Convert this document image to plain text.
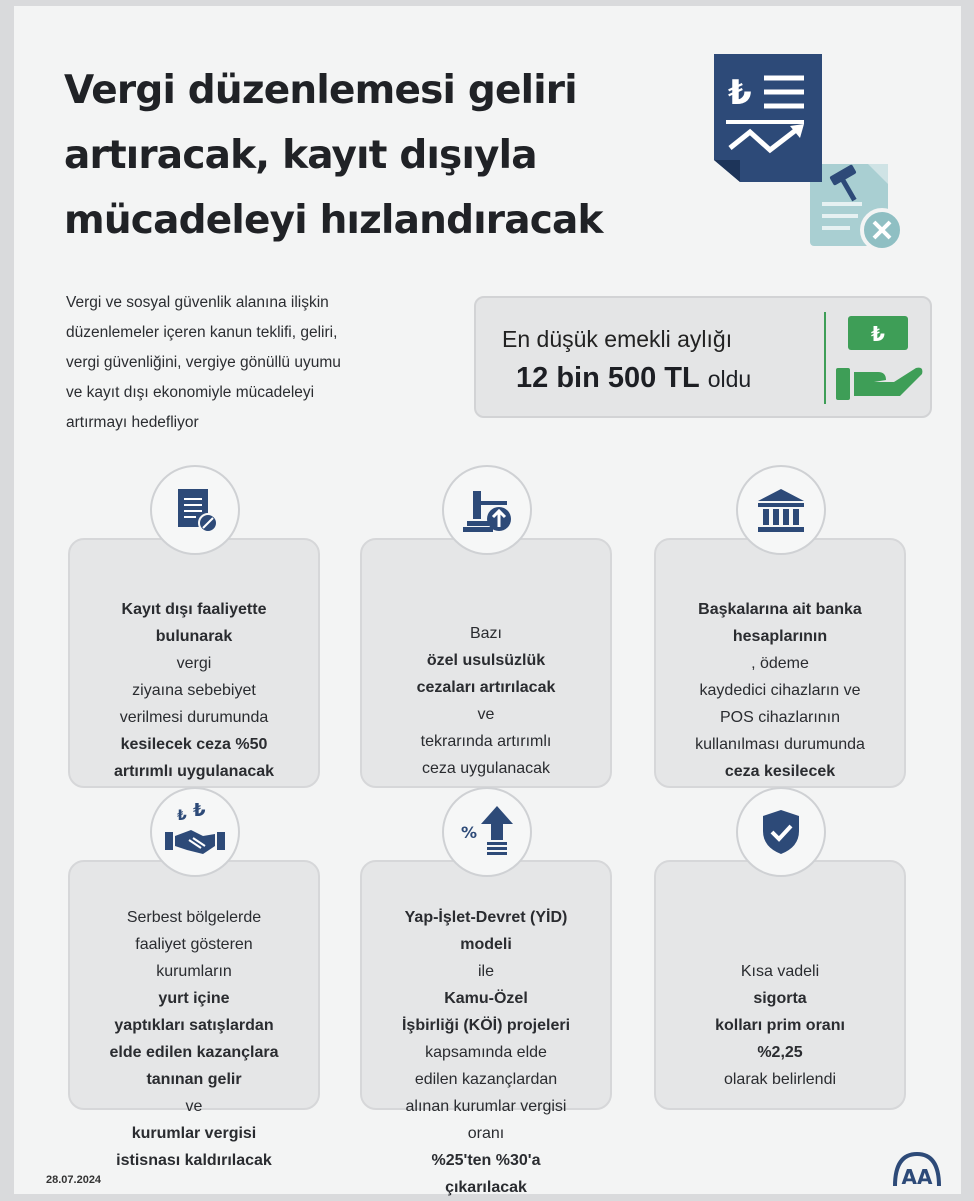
Vergi düzenlemesi geliri
artıracak, kayıt dışıyla
mücadeleyi hızlandıracak
₺
Vergi ve sosyal güvenlik alanına ilişkin
düzenlemeler içeren kanun teklifi, geliri,
vergi güvenliğini, vergiye gönüllü uyumu
ve kayıt dışı ekonomiyle mücadeleyi
artırmayı hedefliyor
En düşük emekli aylığı
12 bin 500 TL oldu
₺
Kayıt dışı faaliyette
bulunarak
vergi
ziyaına sebebiyet
verilmesi durumunda
kesilecek ceza %50
artırımlı uygulanacak
Bazı
özel usulsüzlük
cezaları artırılacak
ve
tekrarında artırımlı
ceza uygulanacak
Başkalarına ait banka
hesaplarının
, ödeme
kaydedici cihazların ve
POS cihazlarının
kullanılması durumunda
ceza kesilecek
Serbest bölgelerde
faaliyet gösteren
kurumların
yurt içine
yaptıkları satışlardan
elde edilen kazançlara
tanınan gelir
ve
kurumlar vergisi
istisnası kaldırılacak
₺ ₺
Yap-İşlet-Devret (YİD)
modeli
ile
Kamu-Özel
İşbirliği (KÖİ) projeleri
kapsamında elde
edilen kazançlardan
alınan kurumlar vergisi
oranı
%25'ten %30'a
çıkarılacak
%
Kısa vadeli
sigorta
kolları prim oranı
%2,25
olarak belirlendi
28.07.2024	AA
